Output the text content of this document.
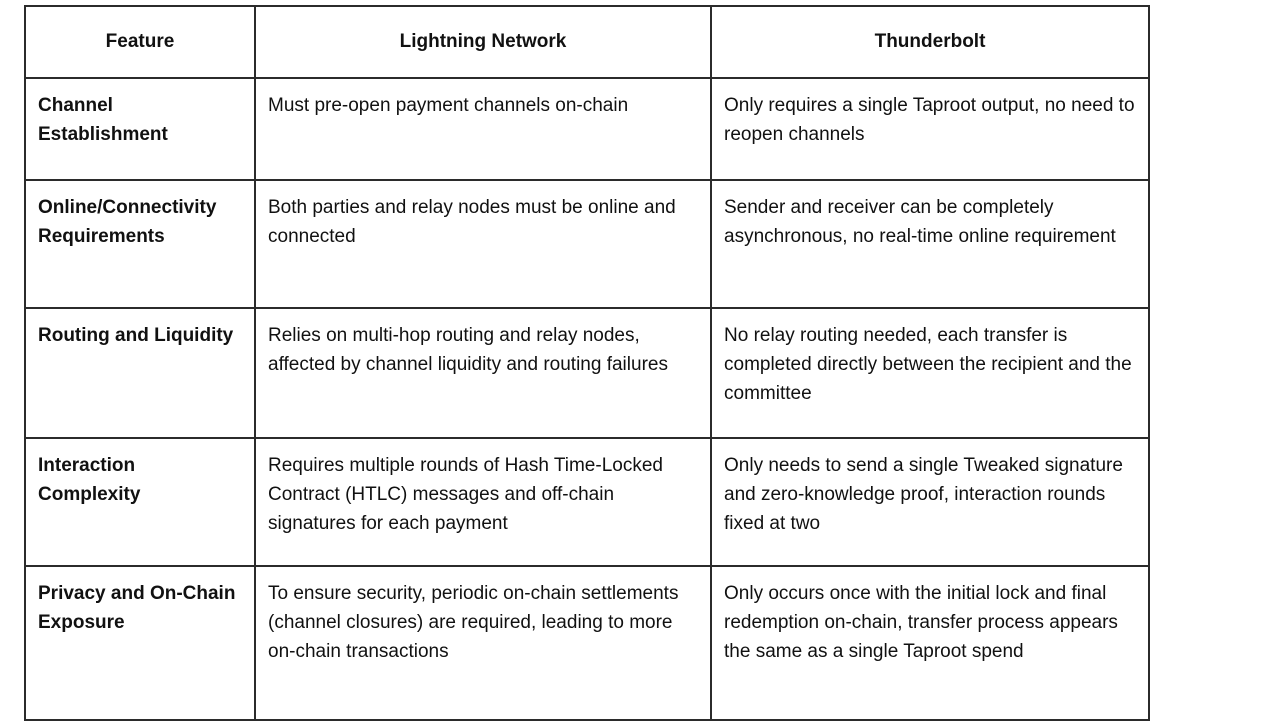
Feature	Lightning Network	Thunderbolt
Channel Establishment	Must pre-open payment channels on-chain	Only requires a single Taproot output, no need to reopen channels
Online/Connectivity Requirements	Both parties and relay nodes must be online and connected	Sender and receiver can be completely asynchronous, no real-time online requirement
Routing and Liquidity	Relies on multi-hop routing and relay nodes, affected by channel liquidity and routing failures	No relay routing needed, each transfer is completed directly between the recipient and the committee
Interaction Complexity	Requires multiple rounds of Hash Time-Locked Contract (HTLC) messages and off-chain signatures for each payment	Only needs to send a single Tweaked signature and zero-knowledge proof, interaction rounds fixed at two
Privacy and On-Chain Exposure	To ensure security, periodic on-chain settlements (channel closures) are required, leading to more on-chain transactions	Only occurs once with the initial lock and final redemption on-chain, transfer process appears the same as a single Taproot spend
